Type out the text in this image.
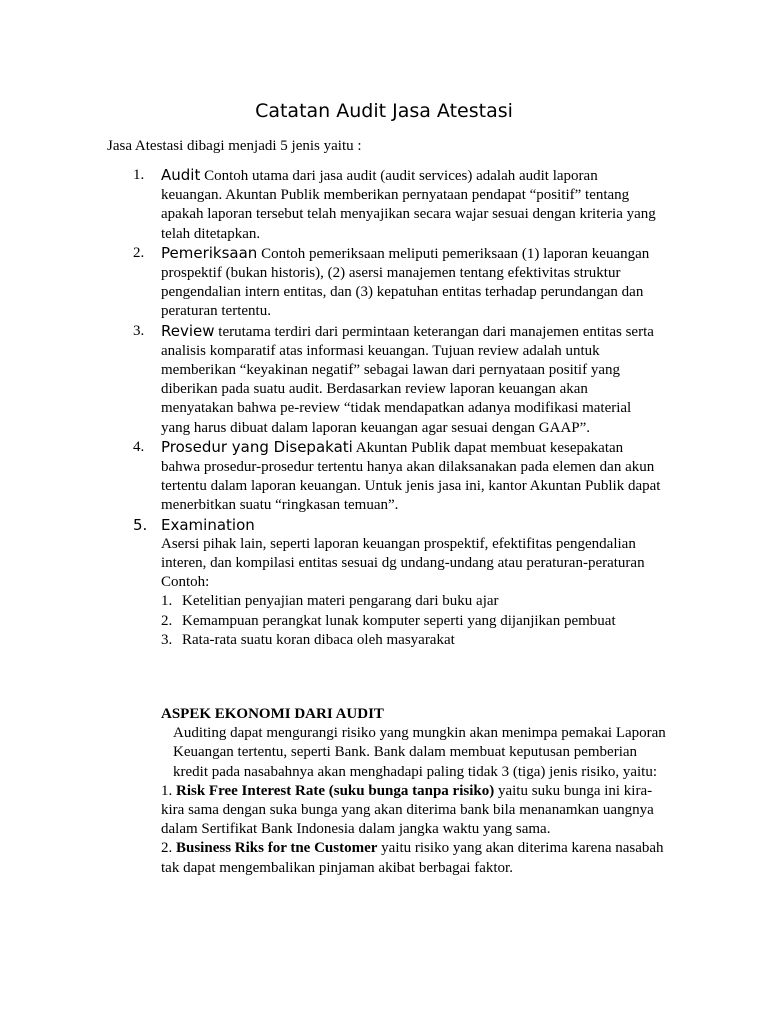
Catatan Audit Jasa Atestasi

Jasa Atestasi dibagi menjadi 5 jenis yaitu :

1. Audit Contoh utama dari jasa audit (audit services) adalah audit laporan keuangan. Akuntan Publik memberikan pernyataan pendapat “positif” tentang apakah laporan tersebut telah menyajikan secara wajar sesuai dengan kriteria yang telah ditetapkan.
2. Pemeriksaan Contoh pemeriksaan meliputi pemeriksaan (1) laporan keuangan prospektif (bukan historis), (2) asersi manajemen tentang efektivitas struktur pengendalian intern entitas, dan (3) kepatuhan entitas terhadap perundangan dan peraturan tertentu.
3. Review terutama terdiri dari permintaan keterangan dari manajemen entitas serta analisis komparatif atas informasi keuangan. Tujuan review adalah untuk memberikan “keyakinan negatif” sebagai lawan dari pernyataan positif yang diberikan pada suatu audit. Berdasarkan review laporan keuangan akan menyatakan bahwa pe-review “tidak mendapatkan adanya modifikasi material yang harus dibuat dalam laporan keuangan agar sesuai dengan GAAP”.
4. Prosedur yang Disepakati Akuntan Publik dapat membuat kesepakatan bahwa prosedur-prosedur tertentu hanya akan dilaksanakan pada elemen dan akun tertentu dalam laporan keuangan. Untuk jenis jasa ini, kantor Akuntan Publik dapat menerbitkan suatu “ringkasan temuan”.
5. Examination
Asersi pihak lain, seperti laporan keuangan prospektif, efektifitas pengendalian interen, dan kompilasi entitas sesuai dg undang-undang atau peraturan-peraturan
Contoh:
1. Ketelitian penyajian materi pengarang dari buku ajar
2. Kemampuan perangkat lunak komputer seperti yang dijanjikan pembuat
3. Rata-rata suatu koran dibaca oleh masyarakat
ASPEK EKONOMI DARI AUDIT

Auditing dapat mengurangi risiko yang mungkin akan menimpa pemakai Laporan Keuangan tertentu, seperti Bank. Bank dalam membuat keputusan pemberian kredit pada nasabahnya akan menghadapi paling tidak 3 (tiga) jenis risiko, yaitu:

1. Risk Free Interest Rate (suku bunga tanpa risiko) yaitu suku bunga ini kira-kira sama dengan suka bunga yang akan diterima bank bila menanamkan uangnya dalam Sertifikat Bank Indonesia dalam jangka waktu yang sama.

2. Business Riks for tne Customer yaitu risiko yang akan diterima karena nasabah tak dapat mengembalikan pinjaman akibat berbagai faktor.
